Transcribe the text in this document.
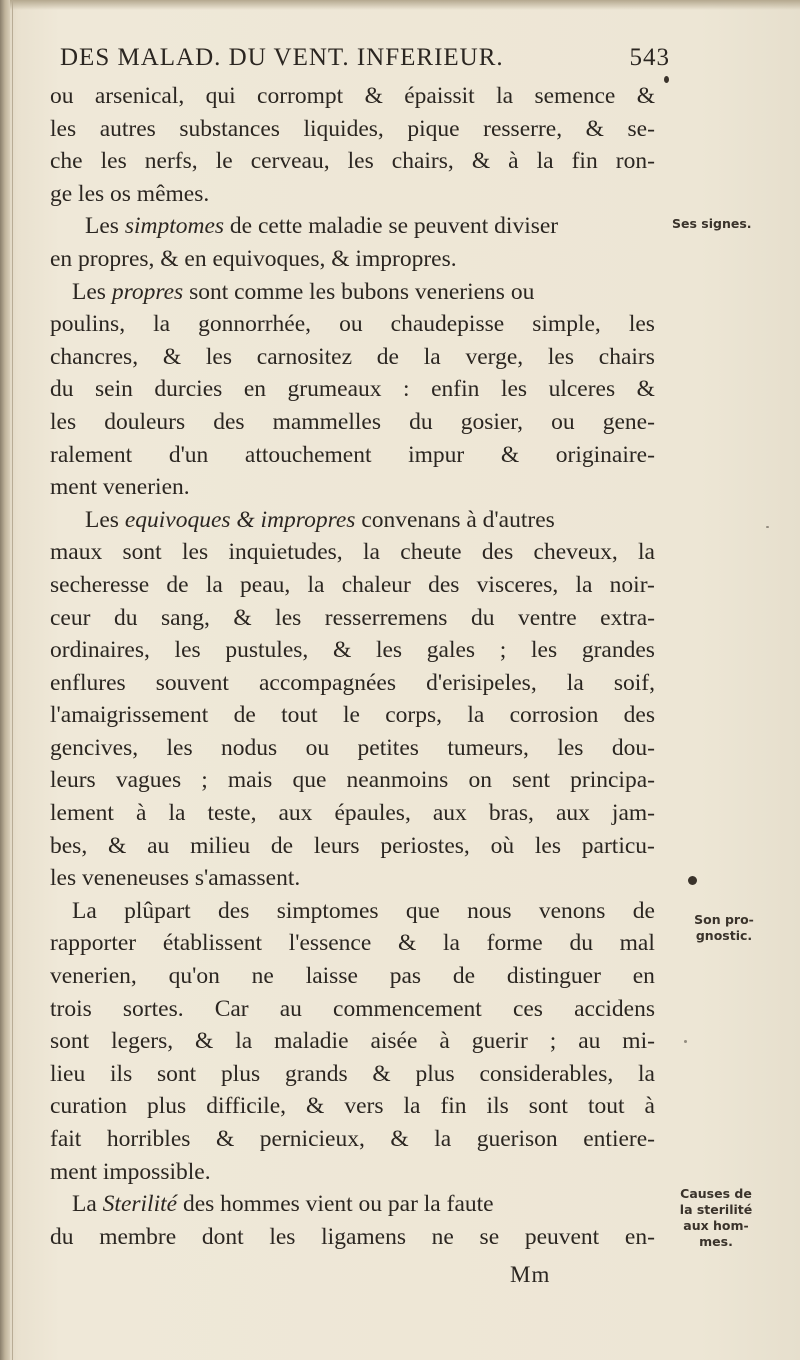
DES MALAD. DU VENT. INFERIEUR.	543
ou arsenical, qui corrompt & épaissit la semence &
les autres substances liquides, pique resserre, & se-
che les nerfs, le cerveau, les chairs, & à la fin ron-
ge les os mêmes.
Les simptomes de cette maladie se peuvent diviser
en propres, & en equivoques, & impropres.
Les propres sont comme les bubons veneriens ou
poulins, la gonnorrhée, ou chaudepisse simple, les
chancres, & les carnositez de la verge, les chairs
du sein durcies en grumeaux : enfin les ulceres &
les douleurs des mammelles du gosier, ou gene-
ralement d'un attouchement impur & originaire-
ment venerien.
Les equivoques & impropres convenans à d'autres
maux sont les inquietudes, la cheute des cheveux, la
secheresse de la peau, la chaleur des visceres, la noir-
ceur du sang, & les resserremens du ventre extra-
ordinaires, les pustules, & les gales ; les grandes
enflures souvent accompagnées d'erisipeles, la soif,
l'amaigrissement de tout le corps, la corrosion des
gencives, les nodus ou petites tumeurs, les dou-
leurs vagues ; mais que neanmoins on sent principa-
lement à la teste, aux épaules, aux bras, aux jam-
bes, & au milieu de leurs periostes, où les particu-
les veneneuses s'amassent.
La plûpart des simptomes que nous venons de
rapporter établissent l'essence & la forme du mal
venerien, qu'on ne laisse pas de distinguer en
trois sortes. Car au commencement ces accidens
sont legers, & la maladie aisée à guerir ; au mi-
lieu ils sont plus grands & plus considerables, la
curation plus difficile, & vers la fin ils sont tout à
fait horribles & pernicieux, & la guerison entiere-
ment impossible.
La Sterilité des hommes vient ou par la faute
du membre dont les ligamens ne se peuvent en-
Mm
Ses signes.
Son pro-
gnostic.
Causes de
la sterilité
aux hom-
mes.
